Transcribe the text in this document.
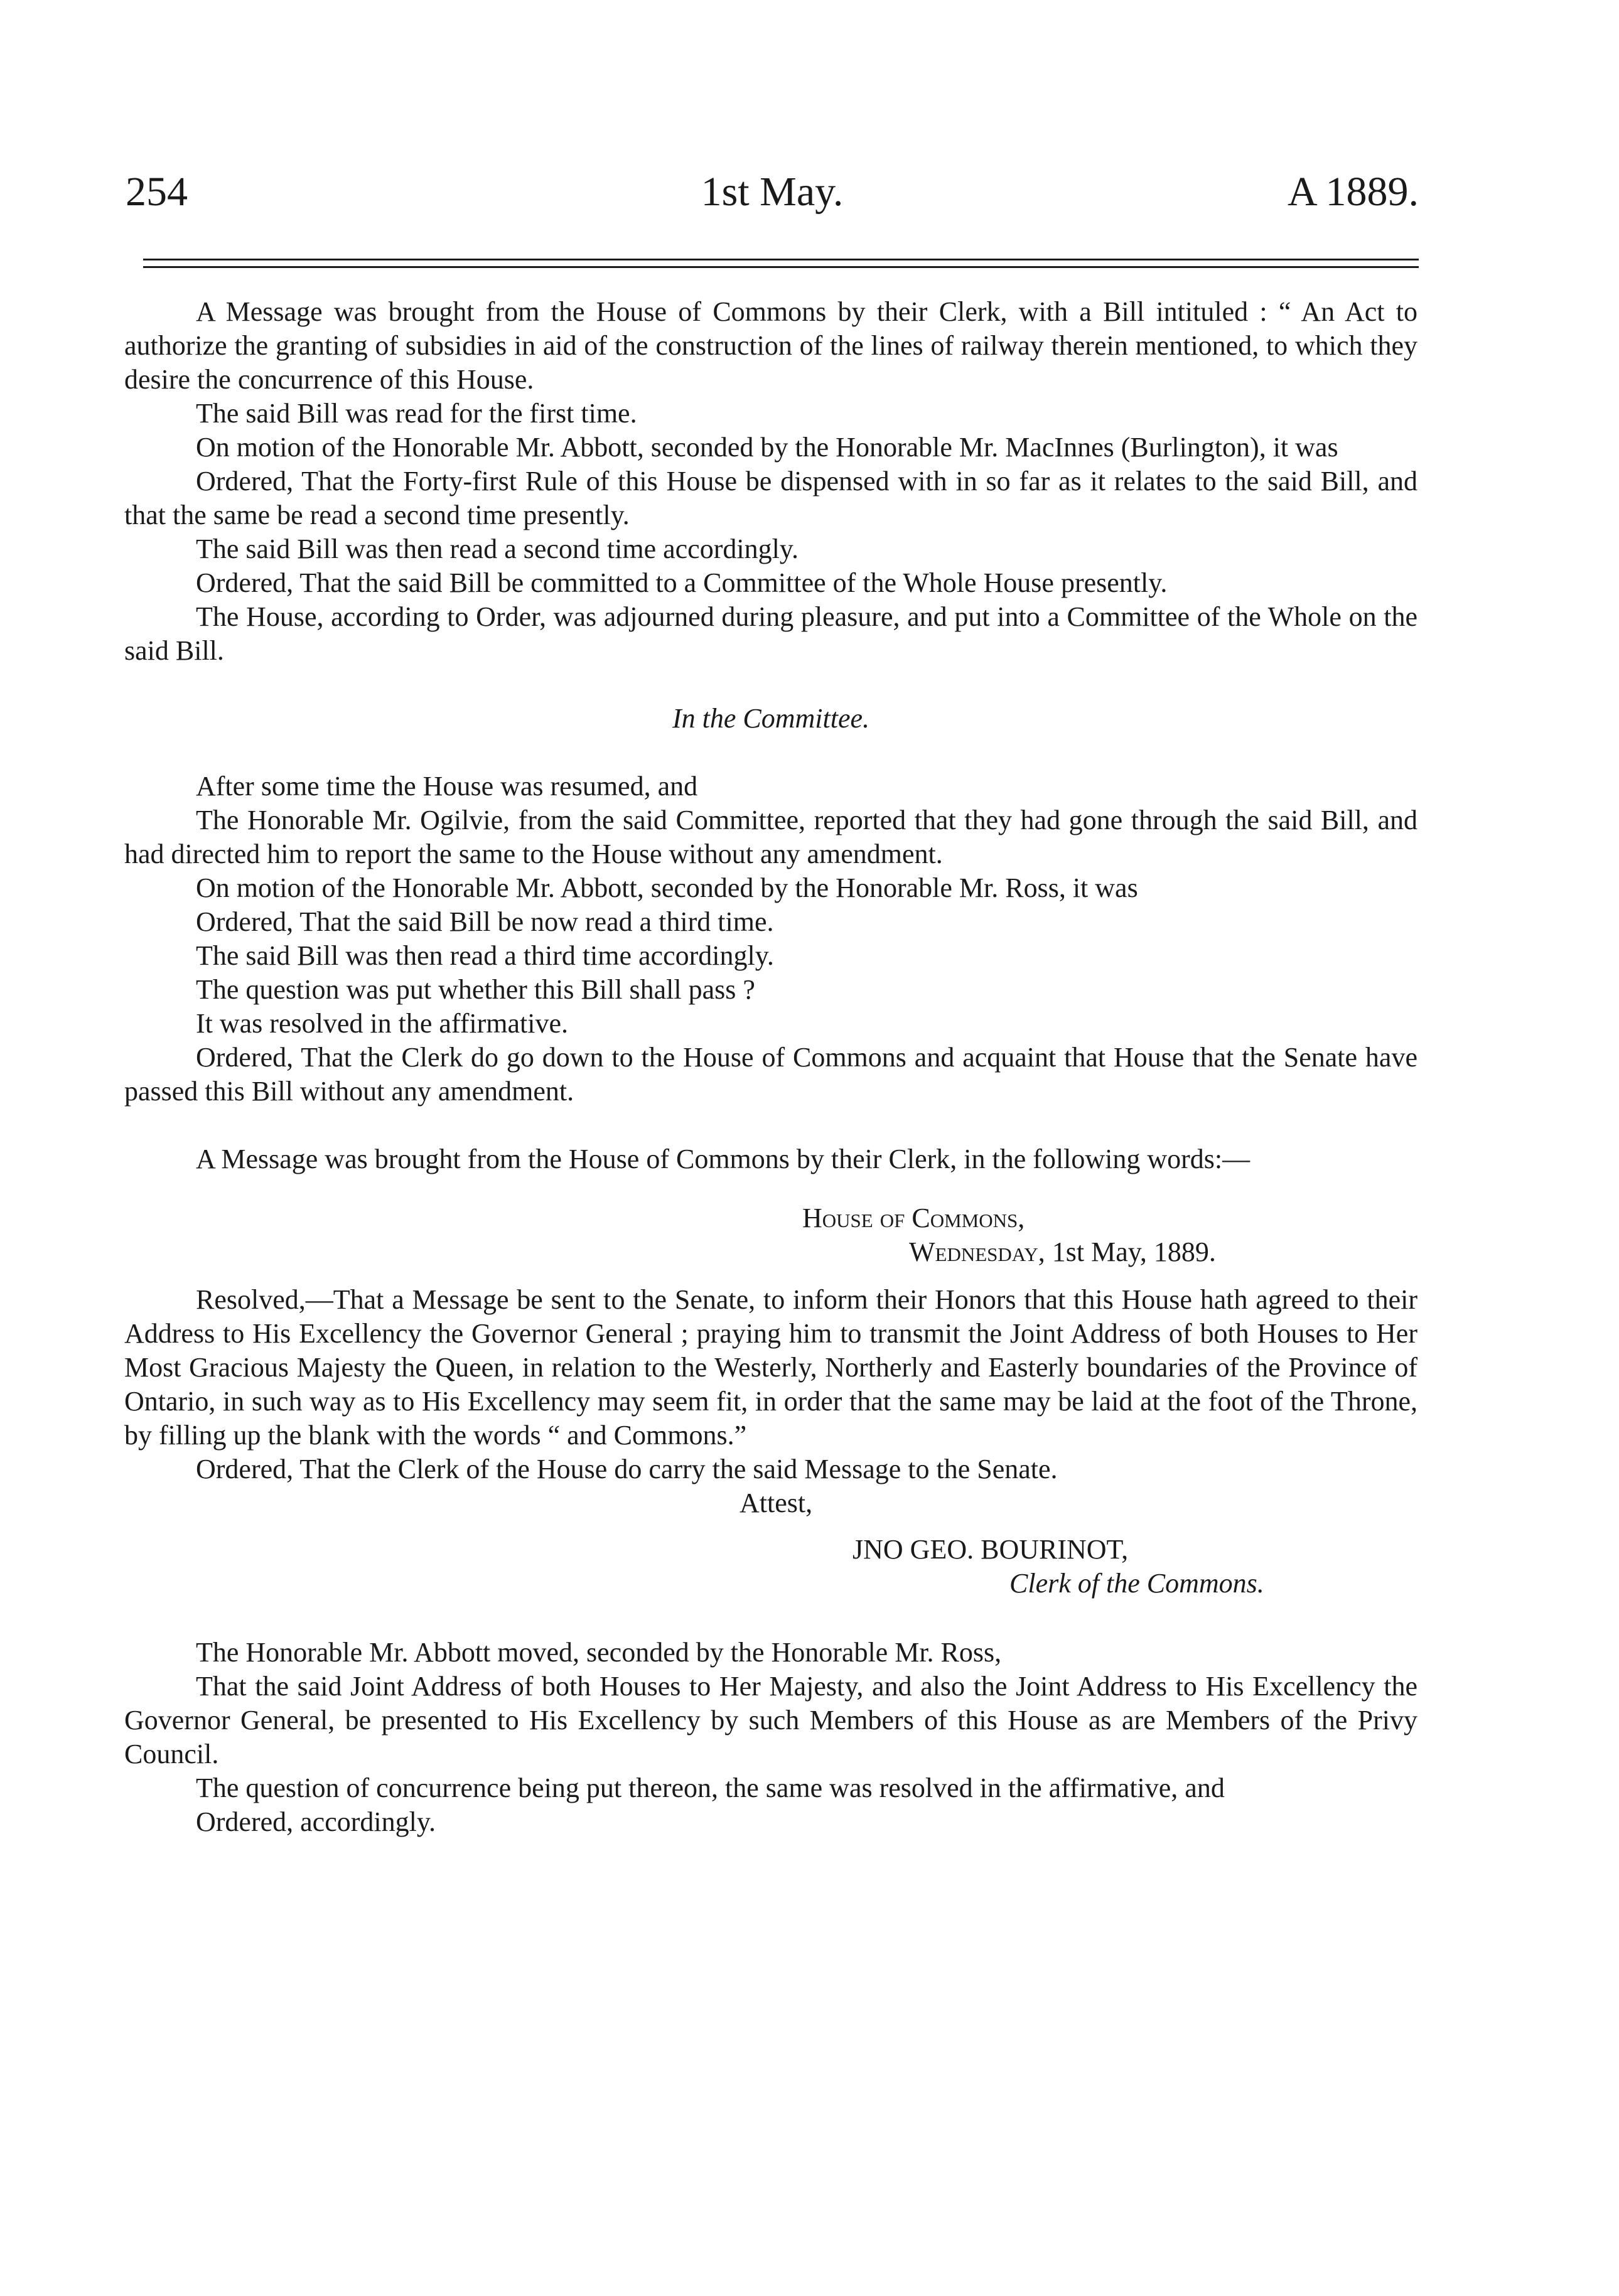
254	1st May.	A 1889.

A Message was brought from the House of Commons by their Clerk, with a Bill intituled : “ An Act to authorize the granting of subsidies in aid of the construction of the lines of railway therein mentioned, to which they desire the concurrence of this House.

The said Bill was read for the first time.

On motion of the Honorable Mr. Abbott, seconded by the Honorable Mr. MacInnes (Burlington), it was

Ordered, That the Forty-first Rule of this House be dispensed with in so far as it relates to the said Bill, and that the same be read a second time presently.

The said Bill was then read a second time accordingly.

Ordered, That the said Bill be committed to a Committee of the Whole House presently.

The House, according to Order, was adjourned during pleasure, and put into a Committee of the Whole on the said Bill.

In the Committee.

After some time the House was resumed, and

The Honorable Mr. Ogilvie, from the said Committee, reported that they had gone through the said Bill, and had directed him to report the same to the House without any amendment.

On motion of the Honorable Mr. Abbott, seconded by the Honorable Mr. Ross, it was

Ordered, That the said Bill be now read a third time.

The said Bill was then read a third time accordingly.

The question was put whether this Bill shall pass ?

It was resolved in the affirmative.

Ordered, That the Clerk do go down to the House of Commons and acquaint that House that the Senate have passed this Bill without any amendment.

A Message was brought from the House of Commons by their Clerk, in the following words:—

House of Commons,

Wednesday, 1st May, 1889.

Resolved,—That a Message be sent to the Senate, to inform their Honors that this House hath agreed to their Address to His Excellency the Governor General ; praying him to transmit the Joint Address of both Houses to Her Most Gracious Majesty the Queen, in relation to the Westerly, Northerly and Easterly boundaries of the Province of Ontario, in such way as to His Excellency may seem fit, in order that the same may be laid at the foot of the Throne, by filling up the blank with the words “ and Commons.”

Ordered, That the Clerk of the House do carry the said Message to the Senate.

Attest,

JNO GEO. BOURINOT,

Clerk of the Commons.

The Honorable Mr. Abbott moved, seconded by the Honorable Mr. Ross,

That the said Joint Address of both Houses to Her Majesty, and also the Joint Address to His Excellency the Governor General, be presented to His Excellency by such Members of this House as are Members of the Privy Council.

The question of concurrence being put thereon, the same was resolved in the affirmative, and

Ordered, accordingly.
